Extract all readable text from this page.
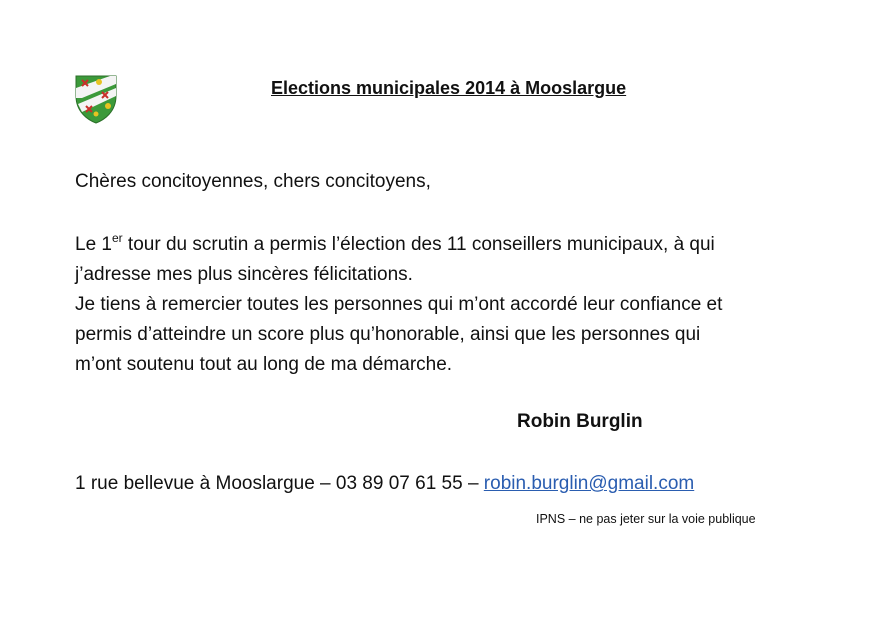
Elections municipales 2014 à Mooslargue
Chères concitoyennes, chers concitoyens,
Le 1er tour du scrutin a permis l’élection des 11 conseillers municipaux, à qui
j’adresse mes plus sincères félicitations.
Je tiens à remercier toutes les personnes qui m’ont accordé leur confiance et
permis d’atteindre un score plus qu’honorable, ainsi que les personnes qui
m’ont soutenu tout au long de ma démarche.
Robin Burglin
1 rue bellevue à Mooslargue – 03 89 07 61 55 – robin.burglin@gmail.com
IPNS – ne pas jeter sur la voie publique
